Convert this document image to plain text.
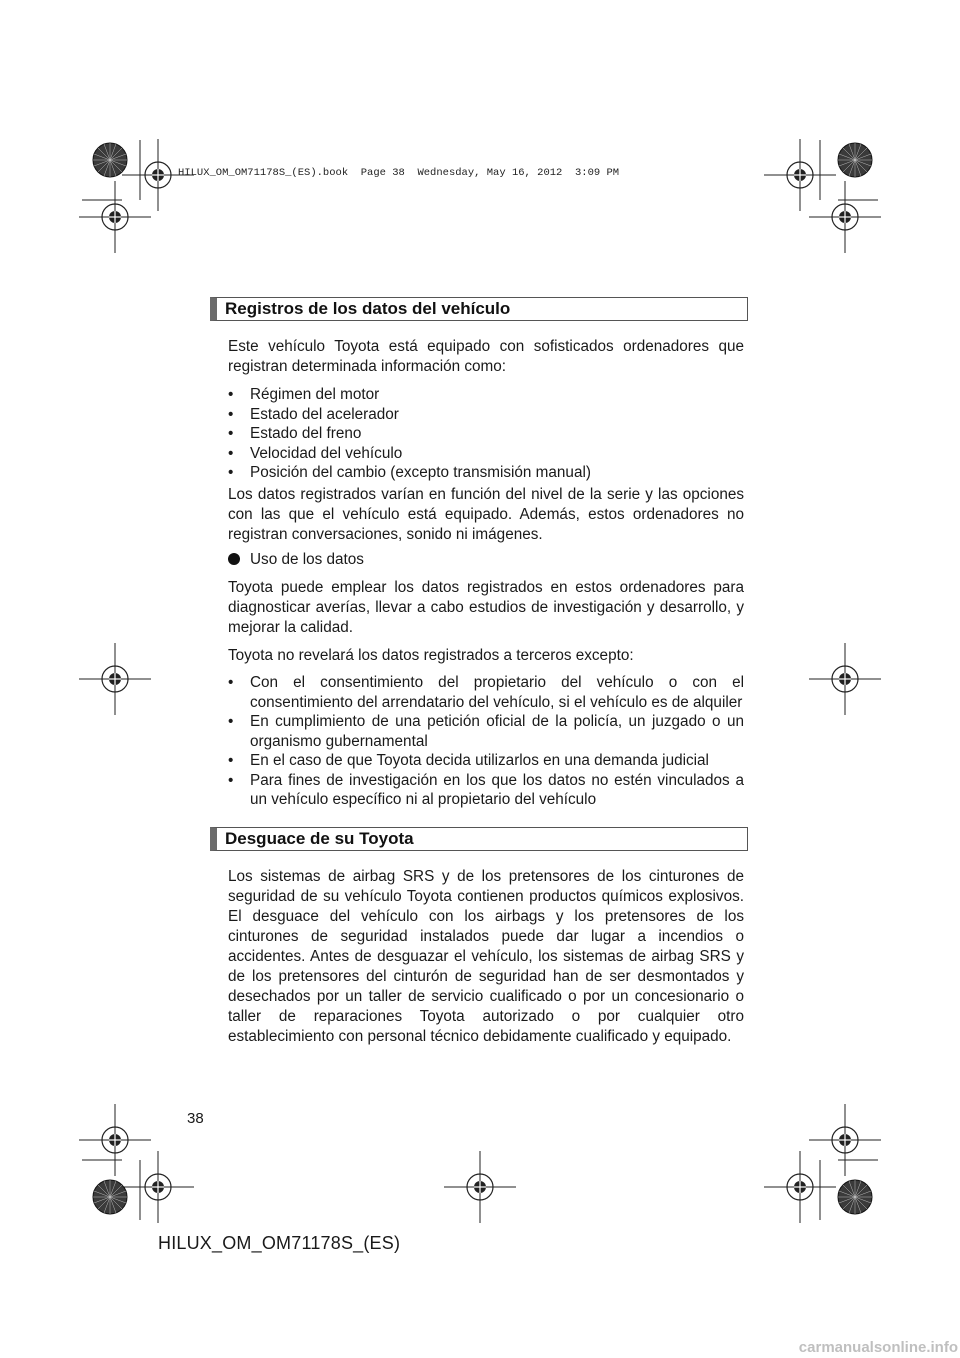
HILUX_OM_OM71178S_(ES).book  Page 38  Wednesday, May 16, 2012  3:09 PM
Registros de los datos del vehículo

Este vehículo Toyota está equipado con sofisticados ordenadores que registran determinada información como:

• Régimen del motor
• Estado del acelerador
• Estado del freno
• Velocidad del vehículo
• Posición del cambio (excepto transmisión manual)

Los datos registrados varían en función del nivel de la serie y las opciones con las que el vehículo está equipado. Además, estos ordenadores no registran conversaciones, sonido ni imágenes.

Uso de los datos

Toyota puede emplear los datos registrados en estos ordenadores para diagnosticar averías, llevar a cabo estudios de investigación y desarrollo, y mejorar la calidad.

Toyota no revelará los datos registrados a terceros excepto:

• Con el consentimiento del propietario del vehículo o con el consentimiento del arrendatario del vehículo, si el vehículo es de alquiler
• En cumplimiento de una petición oficial de la policía, un juzgado o un organismo gubernamental
• En el caso de que Toyota decida utilizarlos en una demanda judicial
• Para fines de investigación en los que los datos no estén vinculados a un vehículo específico ni al propietario del vehículo
Desguace de su Toyota

Los sistemas de airbag SRS y de los pretensores de los cinturones de seguridad de su vehículo Toyota contienen productos químicos explosivos. El desguace del vehículo con los airbags y los pretensores de los cinturones de seguridad instalados puede dar lugar a incendios o accidentes. Antes de desguazar el vehículo, los sistemas de airbag SRS y de los pretensores del cinturón de seguridad han de ser desmontados y desechados por un taller de servicio cualificado o por un concesionario o taller de reparaciones Toyota autorizado o por cualquier otro establecimiento con personal técnico debidamente cualificado y equipado.

38
HILUX_OM_OM71178S_(ES)
carmanualsonline.info
